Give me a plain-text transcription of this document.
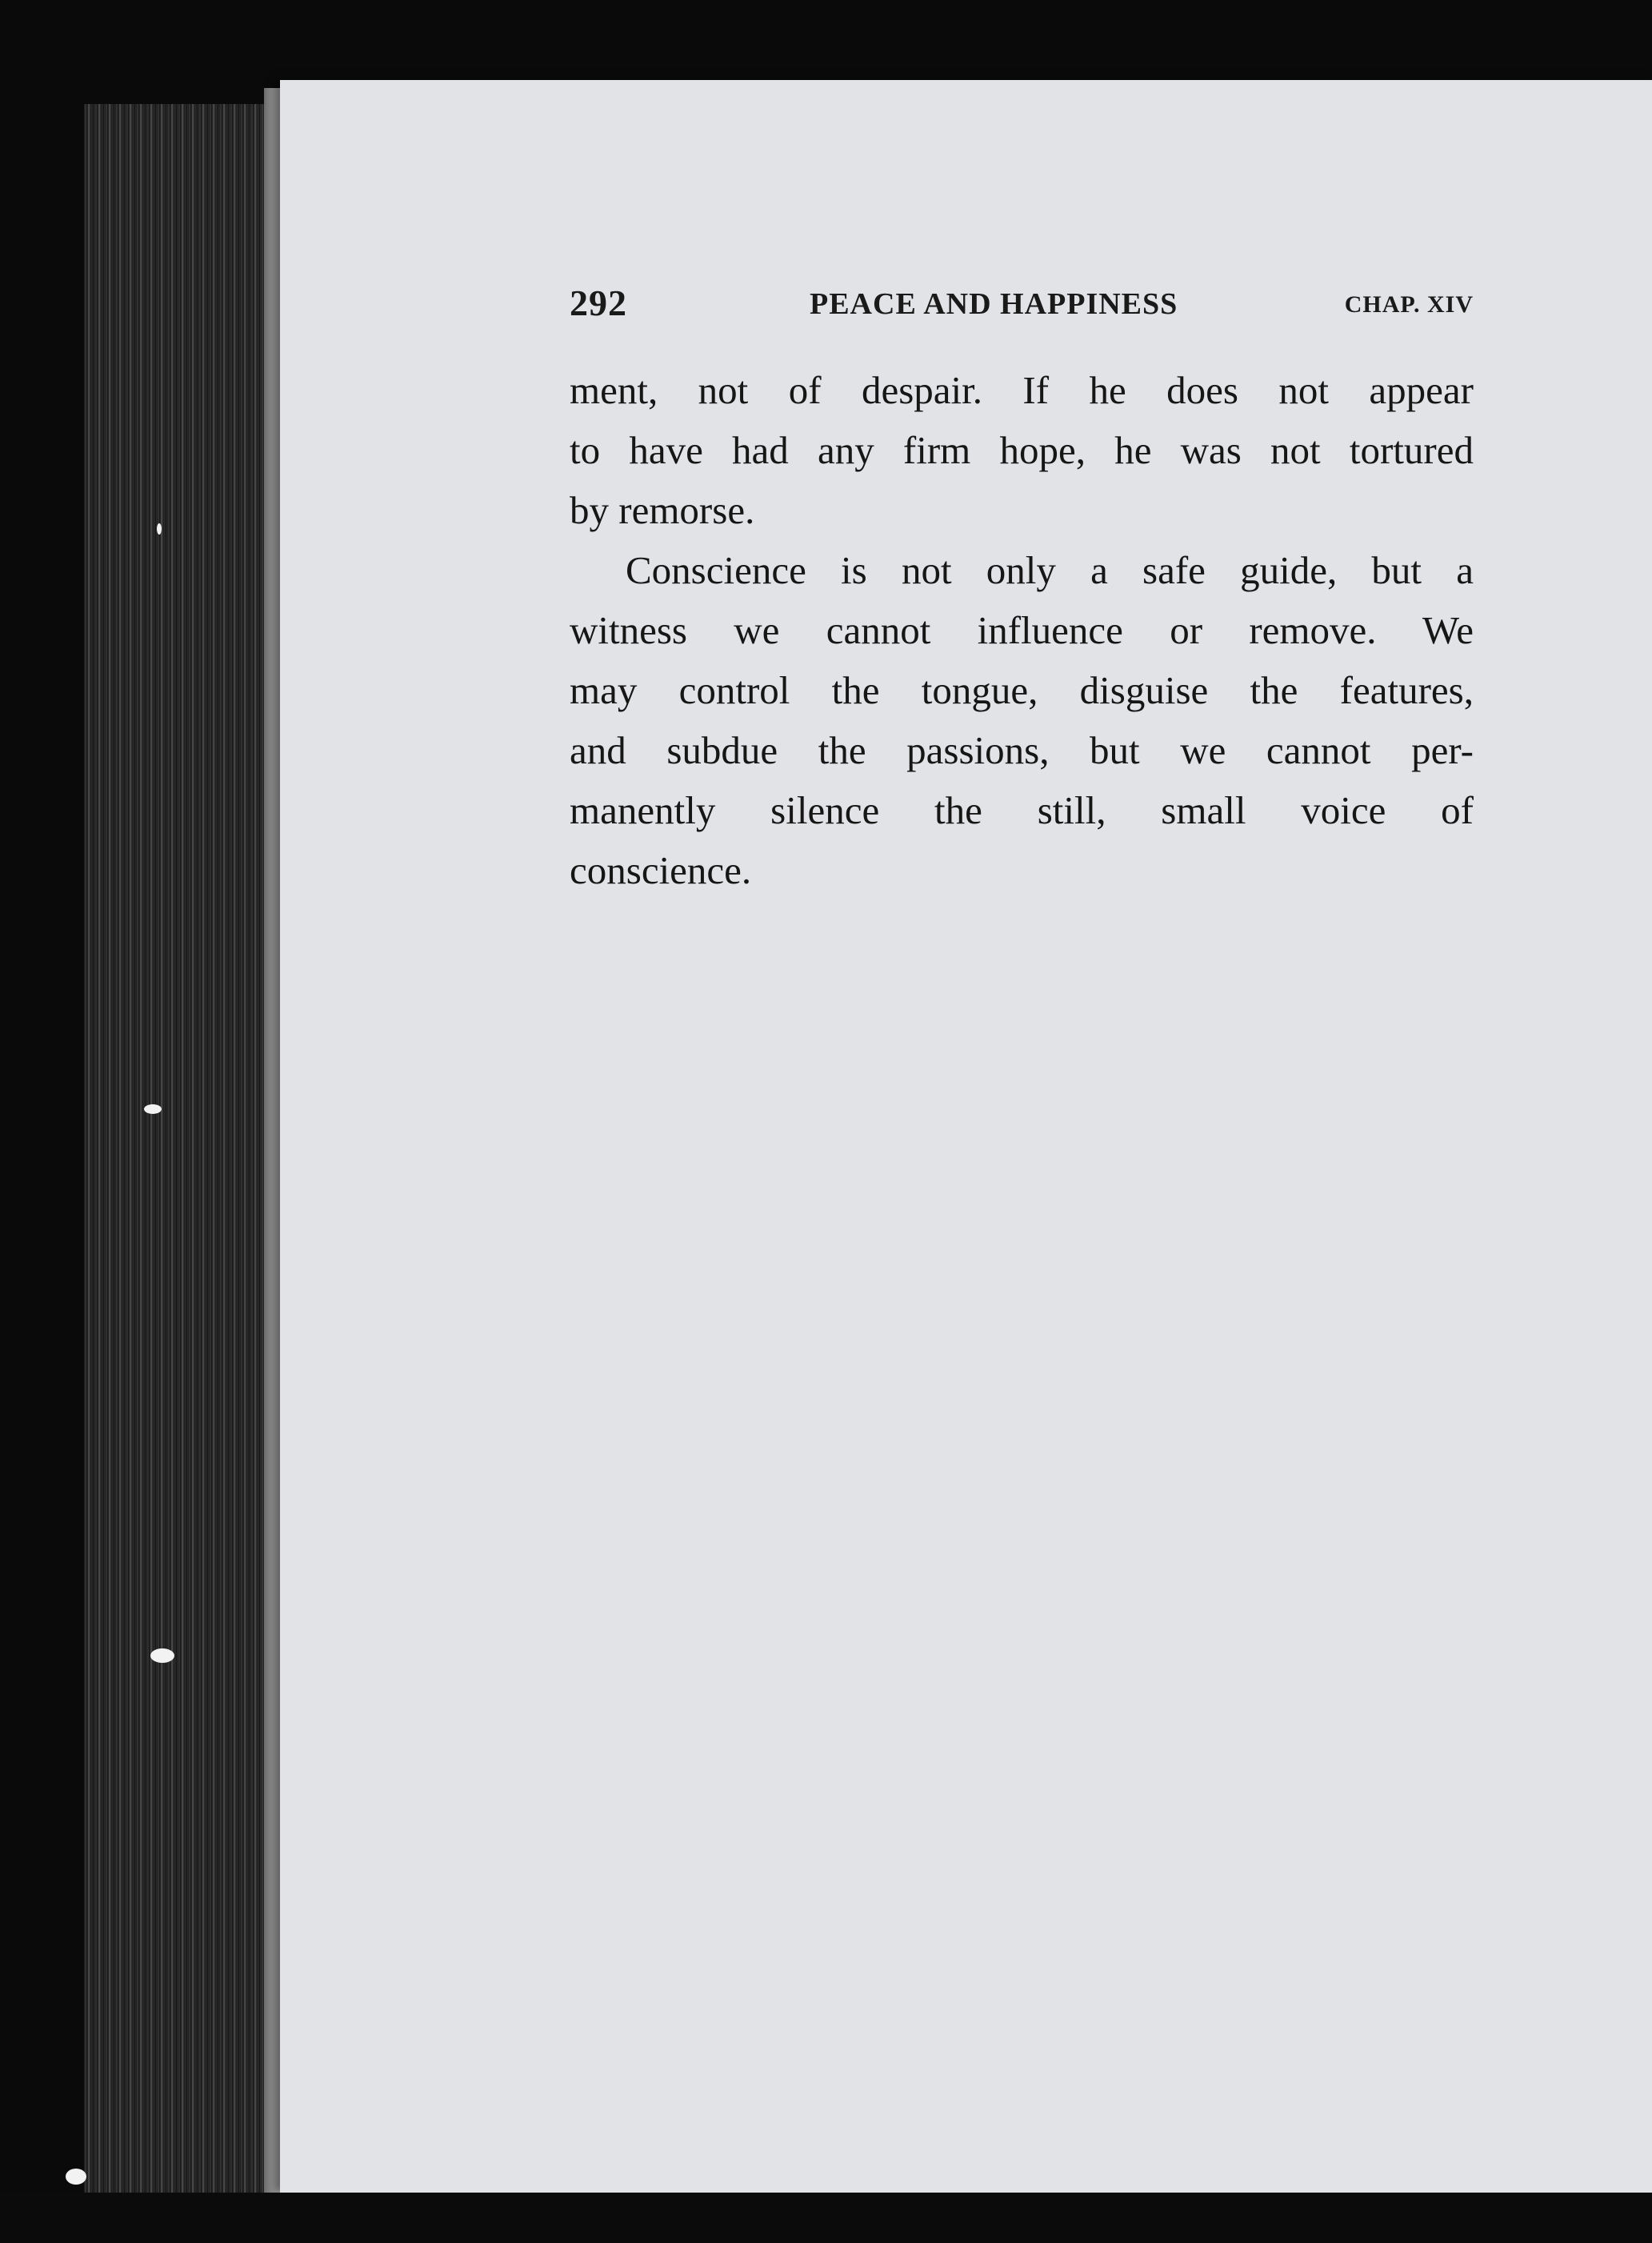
292	PEACE AND HAPPINESS	CHAP. XIV
ment, not of despair. If he does not appear
to have had any firm hope, he was not tortured
by remorse.
Conscience is not only a safe guide, but a
witness we cannot influence or remove. We
may control the tongue, disguise the features,
and subdue the passions, but we cannot per-
manently silence the still, small voice of
conscience.
